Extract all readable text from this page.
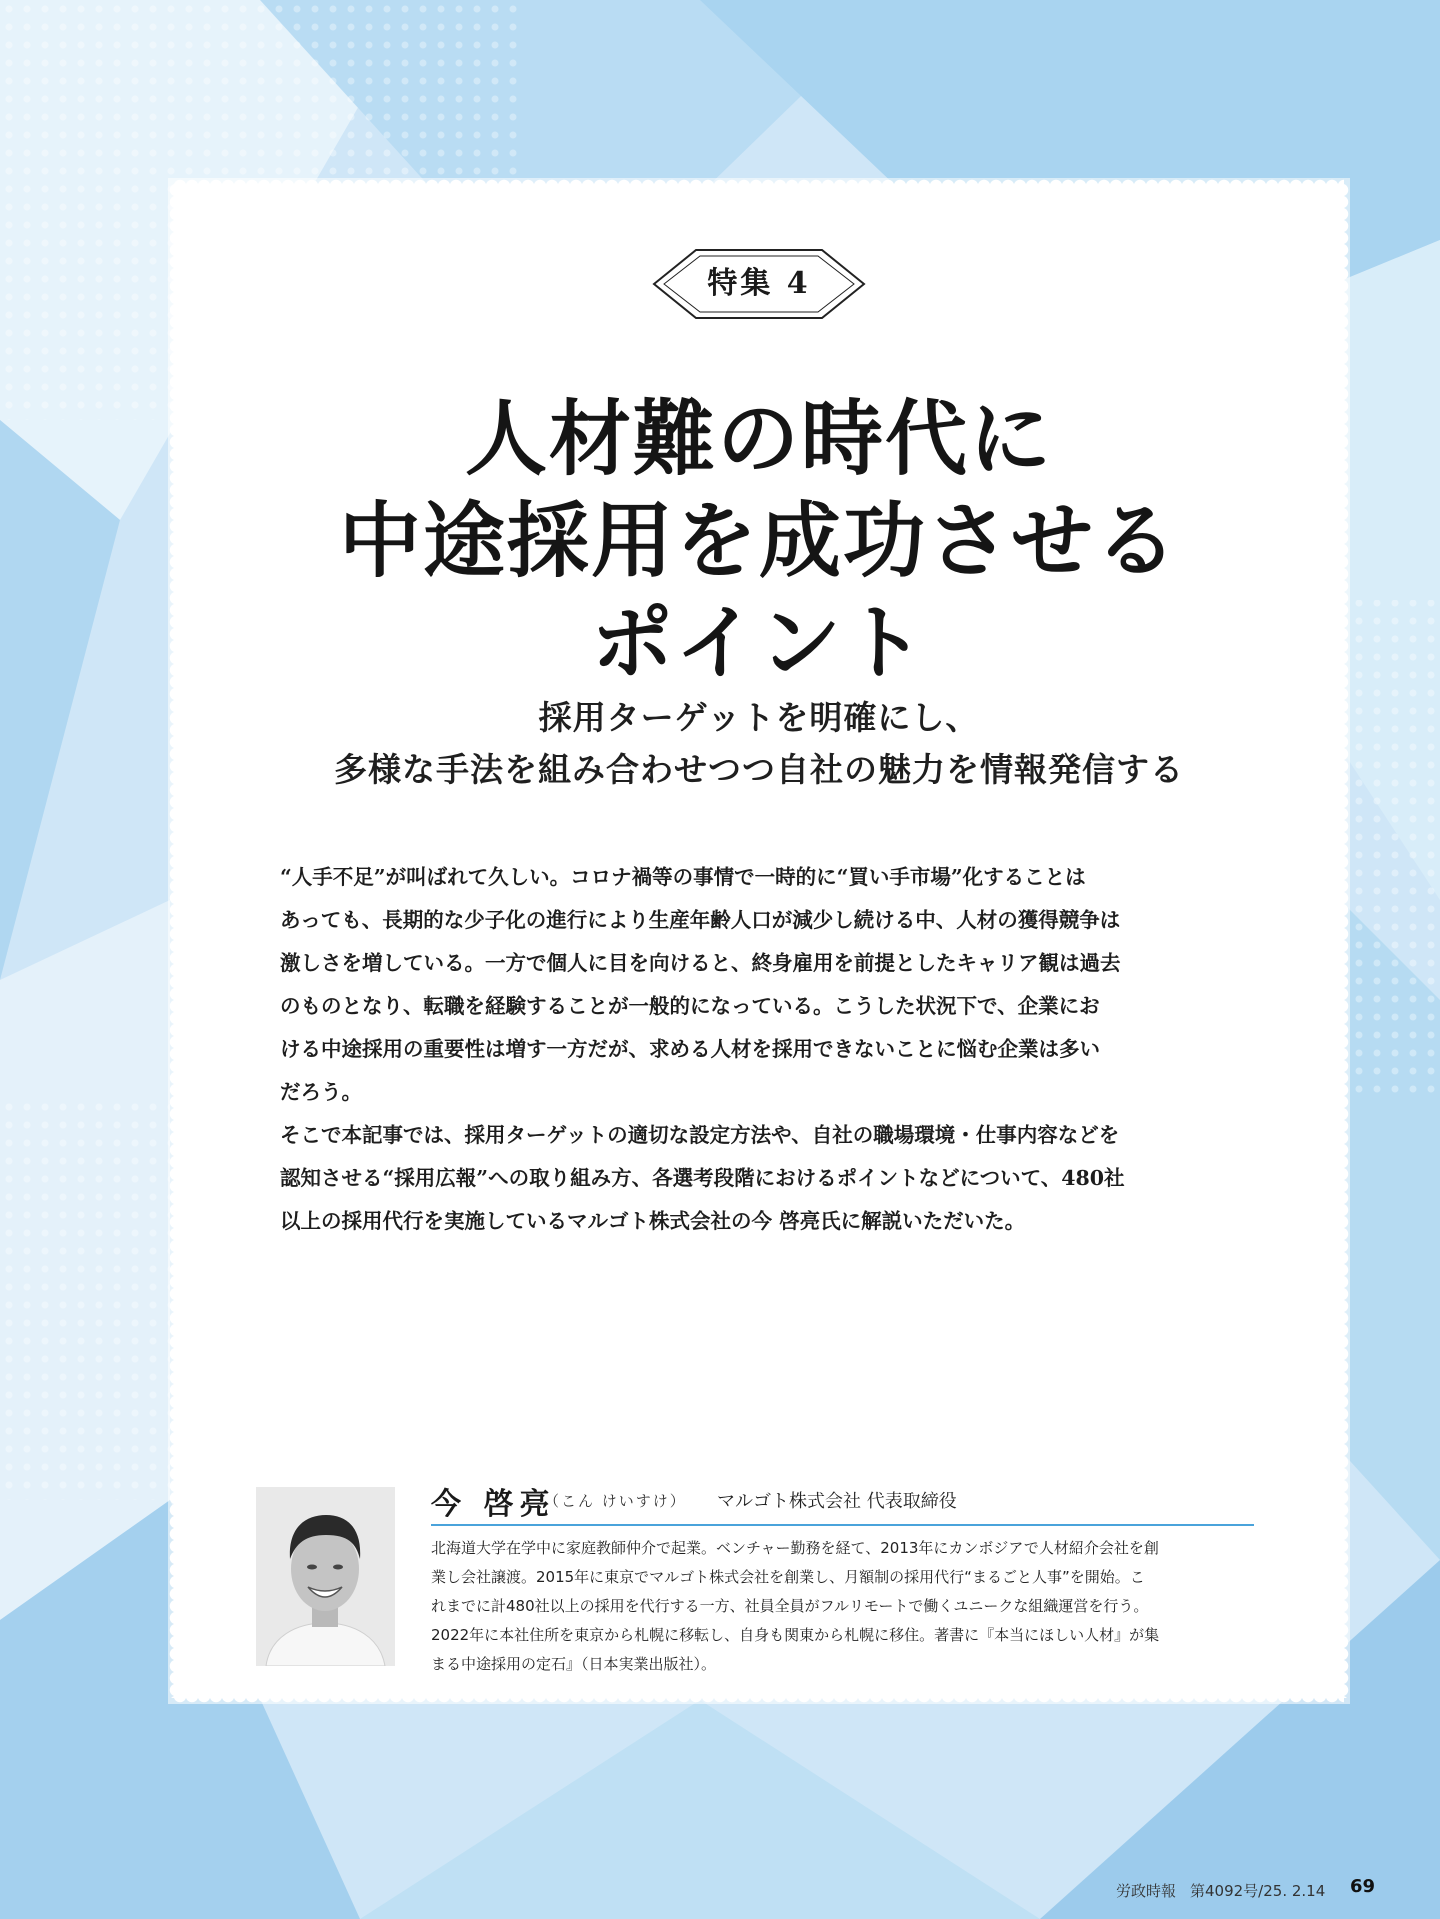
特集 4
人材難の時代に
中途採用を成功させる
ポイント
採用ターゲットを明確にし、
多様な手法を組み合わせつつ自社の魅力を情報発信する
“人手不足”が叫ばれて久しい。コロナ禍等の事情で一時的に“買い手市場”化することは
あっても、長期的な少子化の進行により生産年齢人口が減少し続ける中、人材の獲得競争は
激しさを増している。一方で個人に目を向けると、終身雇用を前提としたキャリア観は過去
のものとなり、転職を経験することが一般的になっている。こうした状況下で、企業にお
ける中途採用の重要性は増す一方だが、求める人材を採用できないことに悩む企業は多い
だろう。
そこで本記事では、採用ターゲットの適切な設定方法や、自社の職場環境・仕事内容などを
認知させる“採用広報”への取り組み方、各選考段階におけるポイントなどについて、480社
以上の採用代行を実施しているマルゴト株式会社の今 啓亮氏に解説いただいた。
今 啓亮
（こん けいすけ） マルゴト株式会社 代表取締役
北海道大学在学中に家庭教師仲介で起業。ベンチャー勤務を経て、2013年にカンボジアで人材紹介会社を創
業し会社譲渡。2015年に東京でマルゴト株式会社を創業し、月額制の採用代行“まるごと人事”を開始。こ
れまでに計480社以上の採用を代行する一方、社員全員がフルリモートで働くユニークな組織運営を行う。
2022年に本社住所を東京から札幌に移転し、自身も関東から札幌に移住。著書に『本当にほしい人材』が集
まる中途採用の定石』（日本実業出版社）。
労政時報 第4092号/25. 2.14 69
